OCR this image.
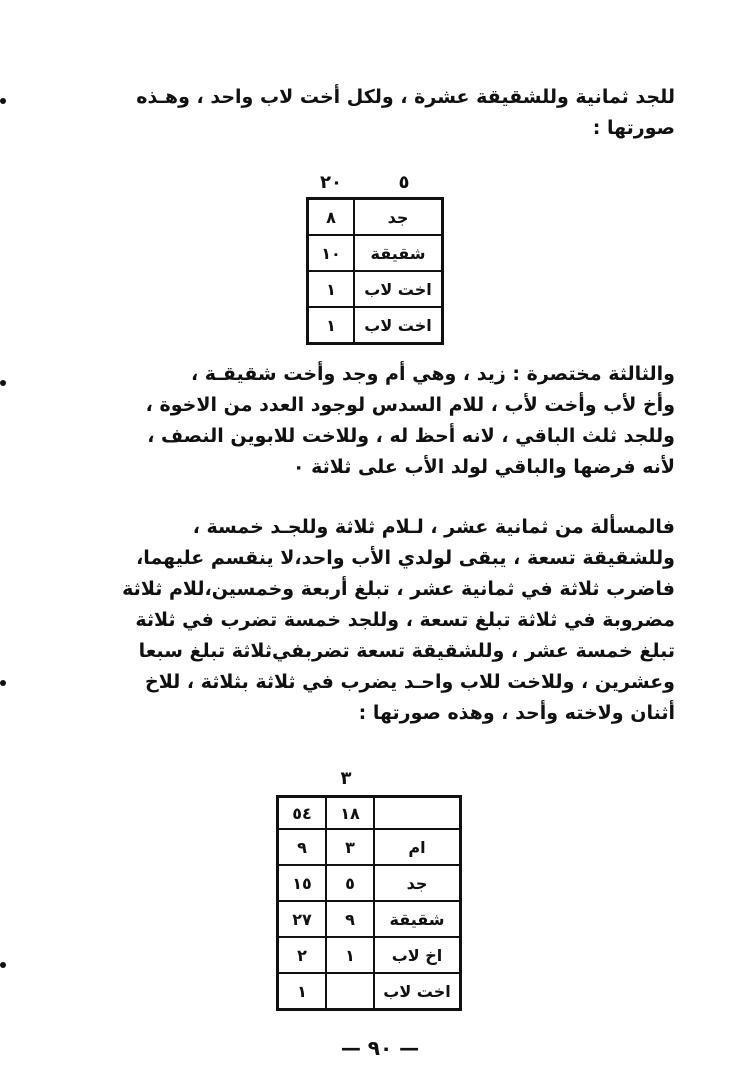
للجد ثمانية وللشقيقة عشرة ، ولكل أخت لاب واحد ، وهـذه
صورتها :

٢٠	٥
جد	٨
شقيقة	١٠
اخت لاب	١
اخت لاب	١

والثالثة مختصرة : زيد ، وهي أم وجد وأخت شقيقـة ،
وأخ لأب وأخت لأب ، للام السدس لوجود العدد من الاخوة ،
وللجد ثلث الباقي ، لانه أحظ له ، وللاخت للابوين النصف ،
لأنه فرضها والباقي لولد الأب على ثلاثة ٠

فالمسألة من ثمانية عشر ، لـلام ثلاثة وللجـد خمسة ،
وللشقيقة تسعة ، يبقى لولدي الأب واحد،لا ينقسم عليهما،
فاضرب ثلاثة في ثمانية عشر ، تبلغ أربعة وخمسين،للام ثلاثة
مضروبة في ثلاثة تبلغ تسعة ، وللجد خمسة تضرب في ثلاثة
تبلغ خمسة عشر ، وللشقيقة تسعة تضربفي‌ثلاثة تبلغ سبعا
وعشرين ، وللاخت للاب واحـد يضرب في ثلاثة بثلاثة ، للاخ
أثنان ولاخته وأحد ، وهذه صورتها :

٣
	١٨	٥٤
ام	٣	٩
جد	٥	١٥
شقيقة	٩	٢٧
اخ لاب	١	٢
اخت لاب		١
— ٩٠ —
